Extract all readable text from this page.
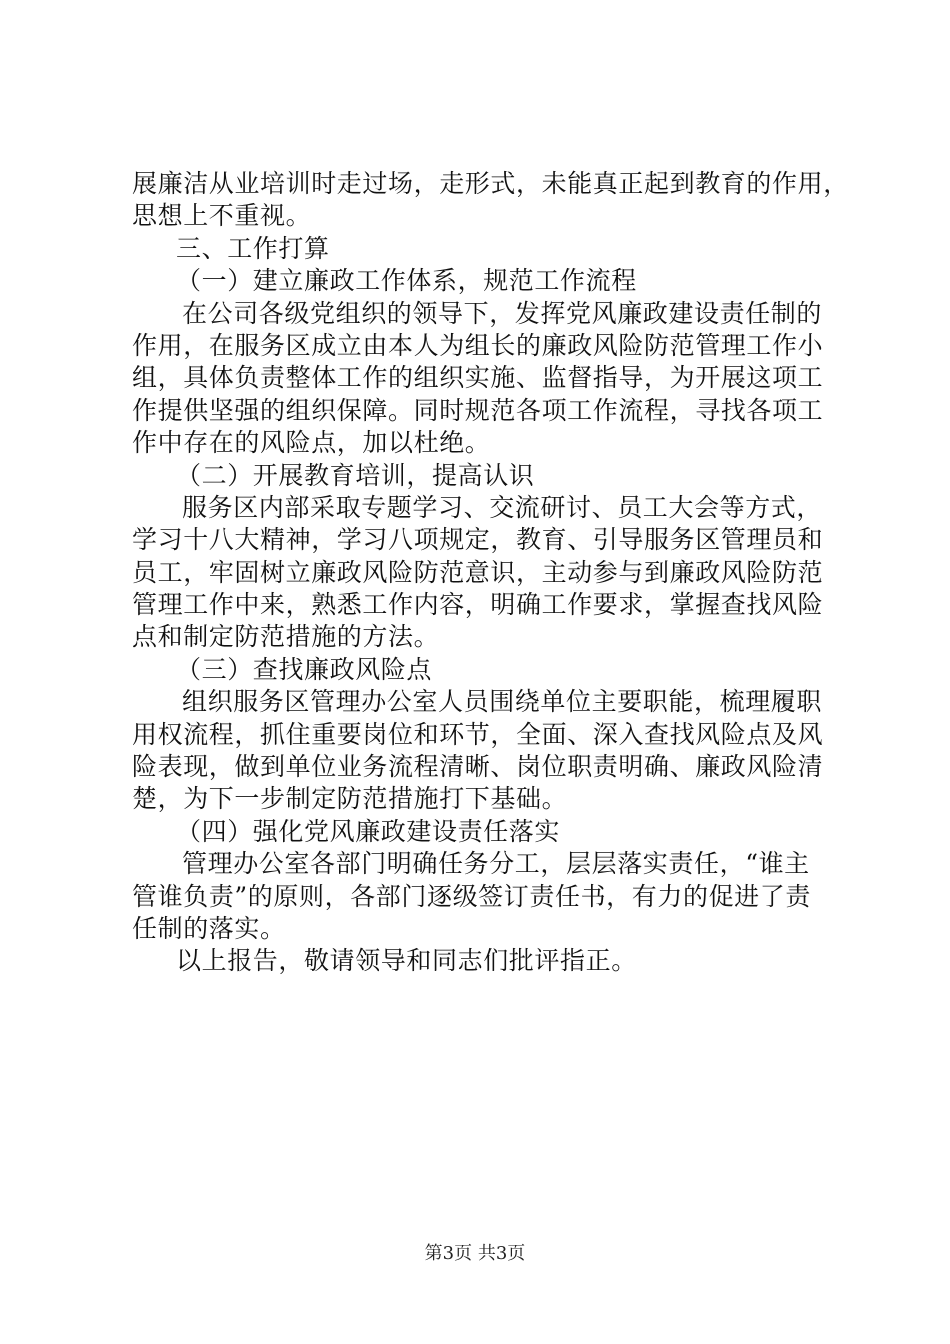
展廉洁从业培训时走过场，走形式，未能真正起到教育的作用，
思想上不重视。
三、工作打算
（一）建立廉政工作体系，规范工作流程
在公司各级党组织的领导下，发挥党风廉政建设责任制的
作用，在服务区成立由本人为组长的廉政风险防范管理工作小
组，具体负责整体工作的组织实施、监督指导，为开展这项工
作提供坚强的组织保障。同时规范各项工作流程，寻找各项工
作中存在的风险点，加以杜绝。
（二）开展教育培训，提高认识
服务区内部采取专题学习、交流研讨、员工大会等方式，
学习十八大精神，学习八项规定，教育、引导服务区管理员和
员工，牢固树立廉政风险防范意识，主动参与到廉政风险防范
管理工作中来，熟悉工作内容，明确工作要求，掌握查找风险
点和制定防范措施的方法。
（三）查找廉政风险点
组织服务区管理办公室人员围绕单位主要职能，梳理履职
用权流程，抓住重要岗位和环节，全面、深入查找风险点及风
险表现，做到单位业务流程清晰、岗位职责明确、廉政风险清
楚，为下一步制定防范措施打下基础。
（四）强化党风廉政建设责任落实
管理办公室各部门明确任务分工，层层落实责任，“谁主
管谁负责”的原则，各部门逐级签订责任书，有力的促进了责
任制的落实。
以上报告，敬请领导和同志们批评指正。
第3页 共3页
